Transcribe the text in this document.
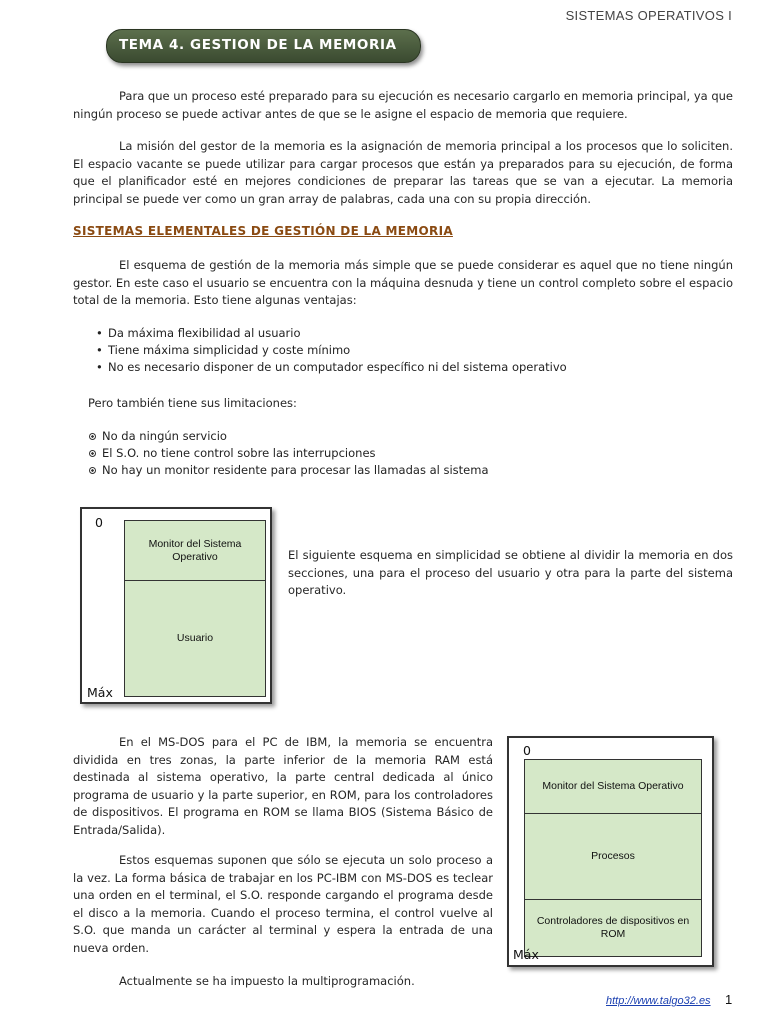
SISTEMAS OPERATIVOS I
TEMA 4. GESTION DE LA MEMORIA

Para que un proceso esté preparado para su ejecución es necesario cargarlo en memoria principal, ya que ningún proceso se puede activar antes de que se le asigne el espacio de memoria que requiere.

La misión del gestor de la memoria es la asignación de memoria principal a los procesos que lo soliciten. El espacio vacante se puede utilizar para cargar procesos que están ya preparados para su ejecución, de forma que el planificador esté en mejores condiciones de preparar las tareas que se van a ejecutar. La memoria principal se puede ver como un gran array de palabras, cada una con su propia dirección.

SISTEMAS ELEMENTALES DE GESTIÓN DE LA MEMORIA

El esquema de gestión de la memoria más simple que se puede considerar es aquel que no tiene ningún gestor. En este caso el usuario se encuentra con la máquina desnuda y tiene un control completo sobre el espacio total de la memoria. Esto tiene algunas ventajas:

• Da máxima flexibilidad al usuario
• Tiene máxima simplicidad y coste mínimo
• No es necesario disponer de un computador específico ni del sistema operativo

Pero también tiene sus limitaciones:

No da ningún servicio
El S.O. no tiene control sobre las interrupciones
No hay un monitor residente para procesar las llamadas al sistema
0
Monitor del Sistema Operativo
Usuario
Máx

El siguiente esquema en simplicidad se obtiene al dividir la memoria en dos secciones, una para el proceso del usuario y otra para la parte del sistema operativo.

En el MS-DOS para el PC de IBM, la memoria se encuentra dividida en tres zonas, la parte inferior de la memoria RAM está destinada al sistema operativo, la parte central dedicada al único programa de usuario y la parte superior, en ROM, para los controladores de dispositivos. El programa en ROM se llama BIOS (Sistema Básico de Entrada/Salida).

0
Monitor del Sistema Operativo
Procesos
Controladores de dispositivos en ROM
Máx

Estos esquemas suponen que sólo se ejecuta un solo proceso a la vez. La forma básica de trabajar en los PC-IBM con MS-DOS es teclear una orden en el terminal, el S.O. responde cargando el programa desde el disco a la memoria. Cuando el proceso termina, el control vuelve al S.O. que manda un carácter al terminal y espera la entrada de una nueva orden.

Actualmente se ha impuesto la multiprogramación.

http://www.talgo32.es 1
